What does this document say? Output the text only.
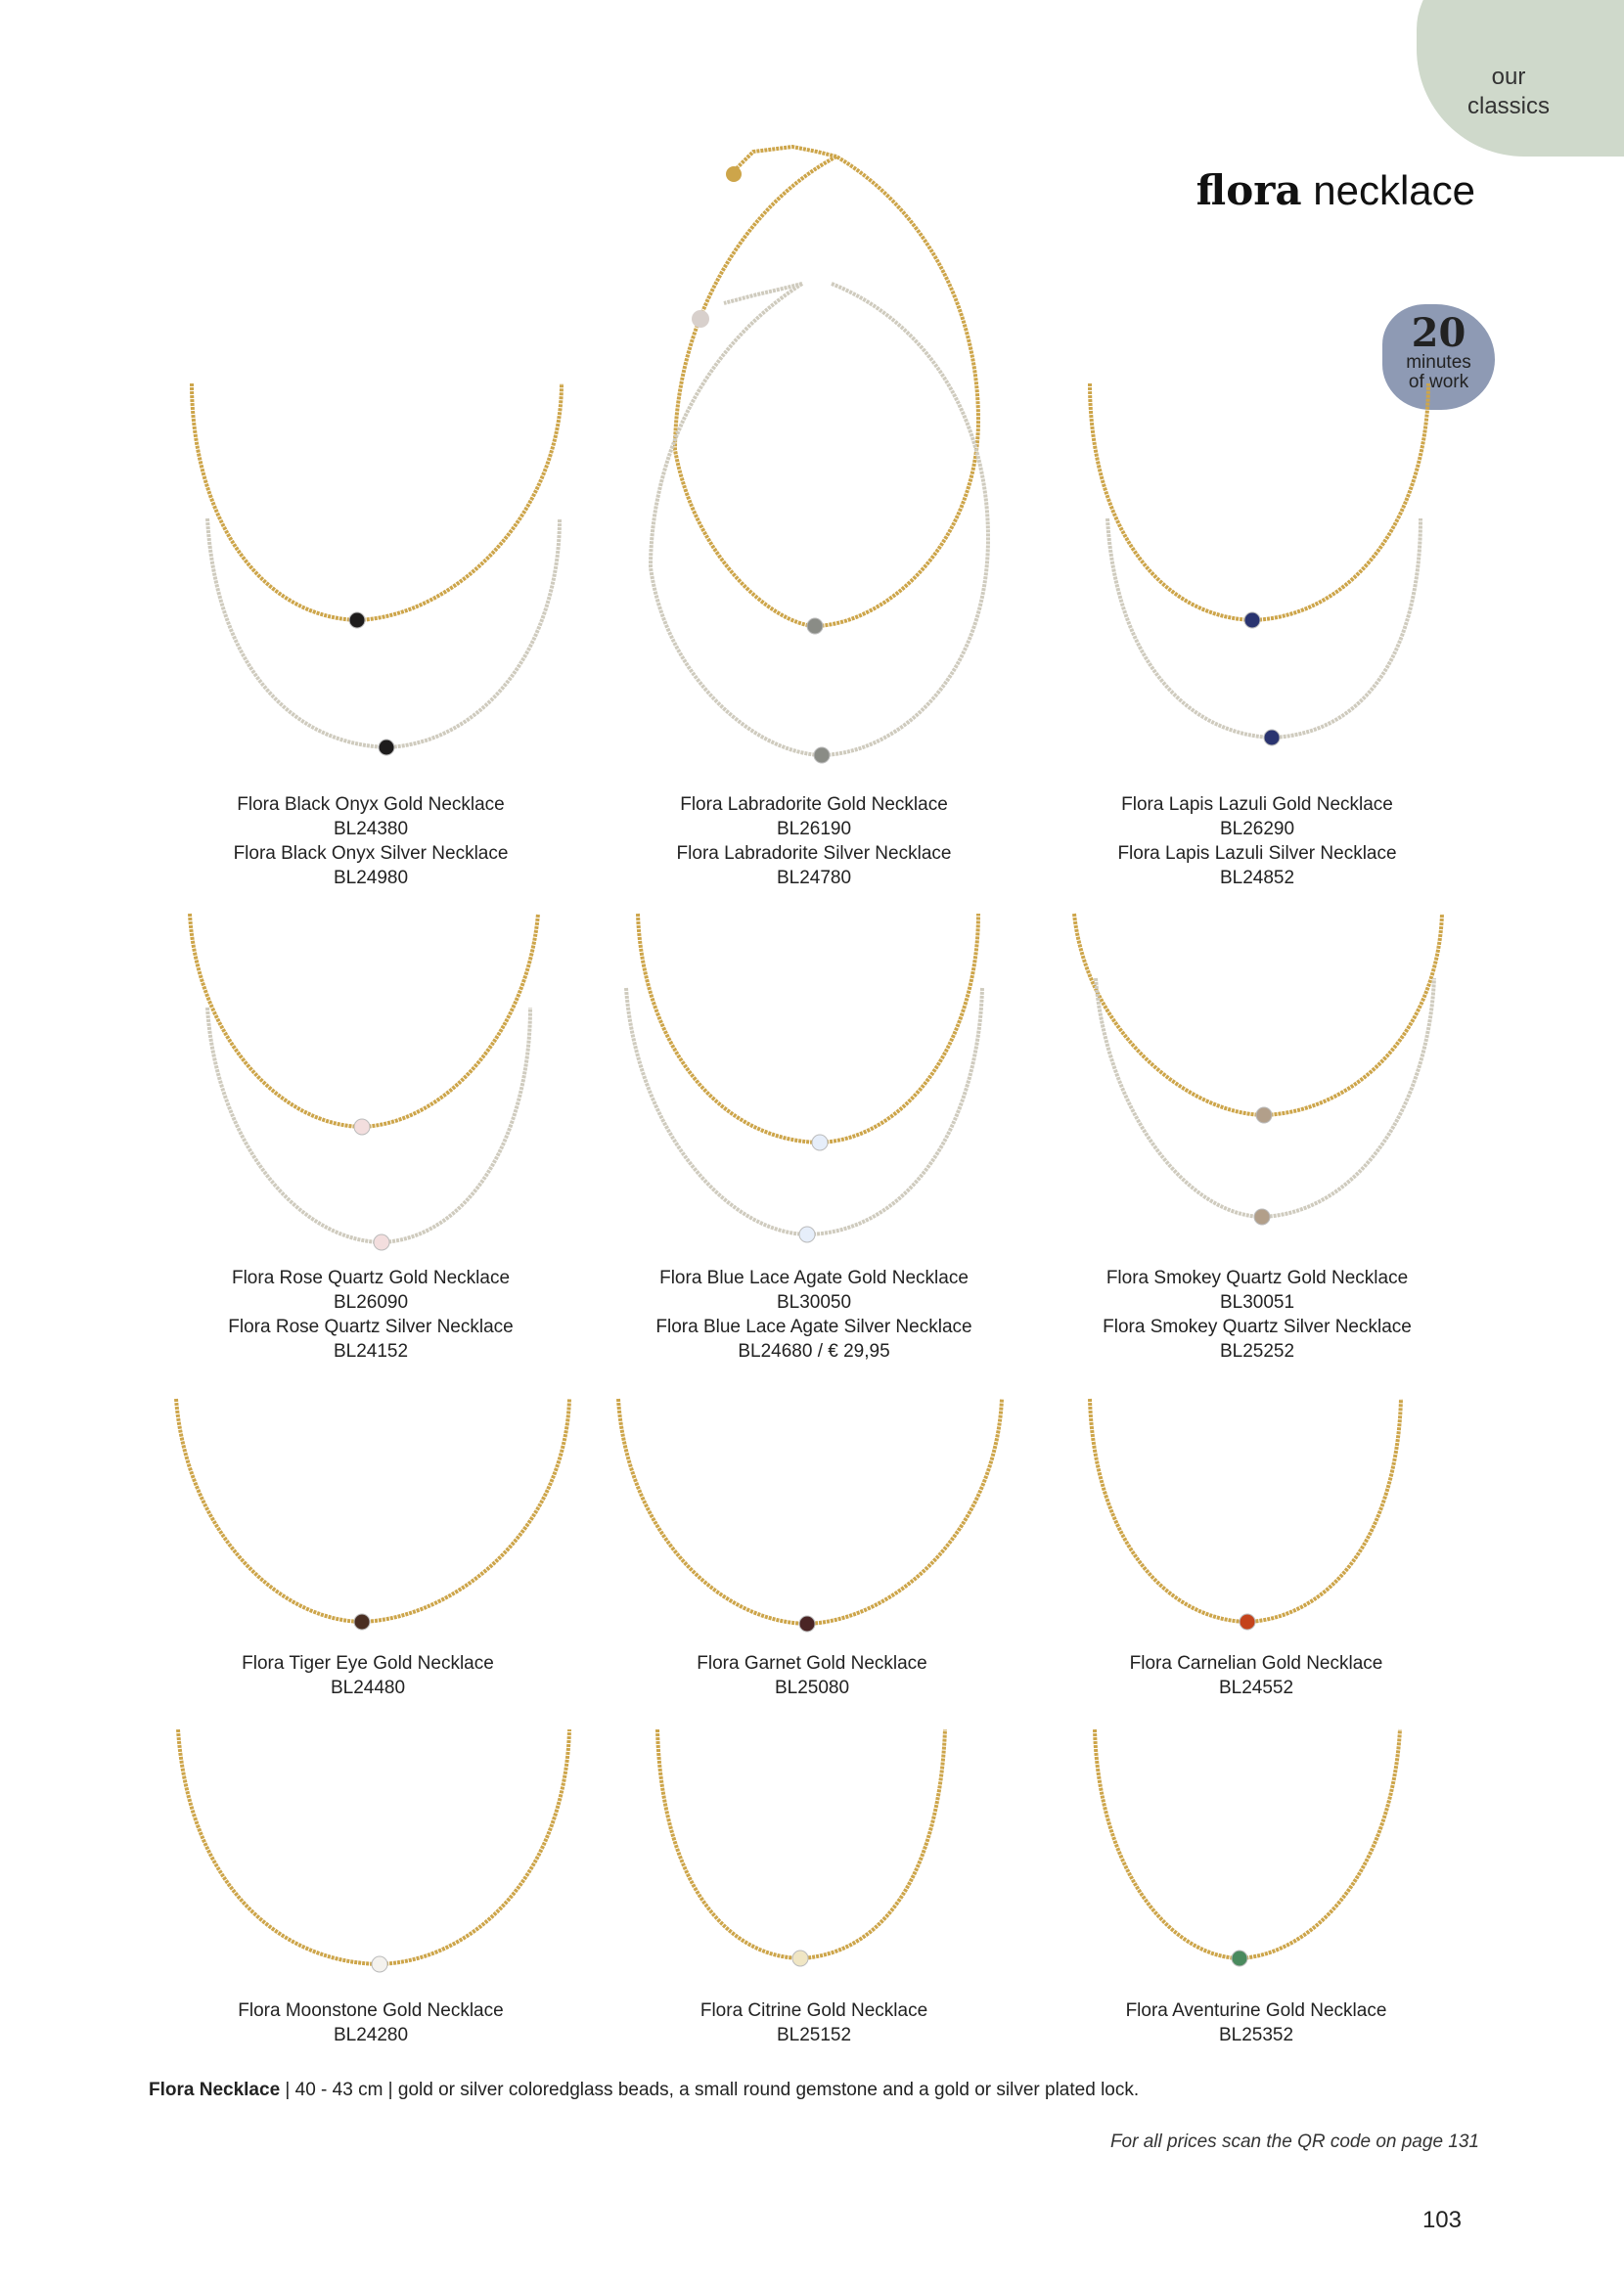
our
classics
flora necklace
20
minutes
of work
Flora Black Onyx Gold Necklace
BL24380
Flora Black Onyx Silver Necklace
BL24980
Flora Labradorite Gold Necklace
BL26190
Flora Labradorite Silver Necklace
BL24780
Flora Lapis Lazuli Gold Necklace
BL26290
Flora Lapis Lazuli Silver Necklace
BL24852
Flora Rose Quartz Gold Necklace
BL26090
Flora Rose Quartz Silver Necklace
BL24152
Flora Blue Lace Agate Gold Necklace
BL30050
Flora Blue Lace Agate Silver Necklace
BL24680 / € 29,95
Flora Smokey Quartz Gold Necklace
BL30051
Flora Smokey Quartz Silver Necklace
BL25252
Flora Tiger Eye Gold Necklace
BL24480
Flora Garnet Gold Necklace
BL25080
Flora Carnelian Gold Necklace
BL24552
Flora Moonstone Gold Necklace
BL24280
Flora Citrine Gold Necklace
BL25152
Flora Aventurine Gold Necklace
BL25352
Flora Necklace | 40 - 43 cm | gold or silver coloredglass beads, a small round gemstone and a gold or silver plated lock.
For all prices scan the QR code on page 131
103
